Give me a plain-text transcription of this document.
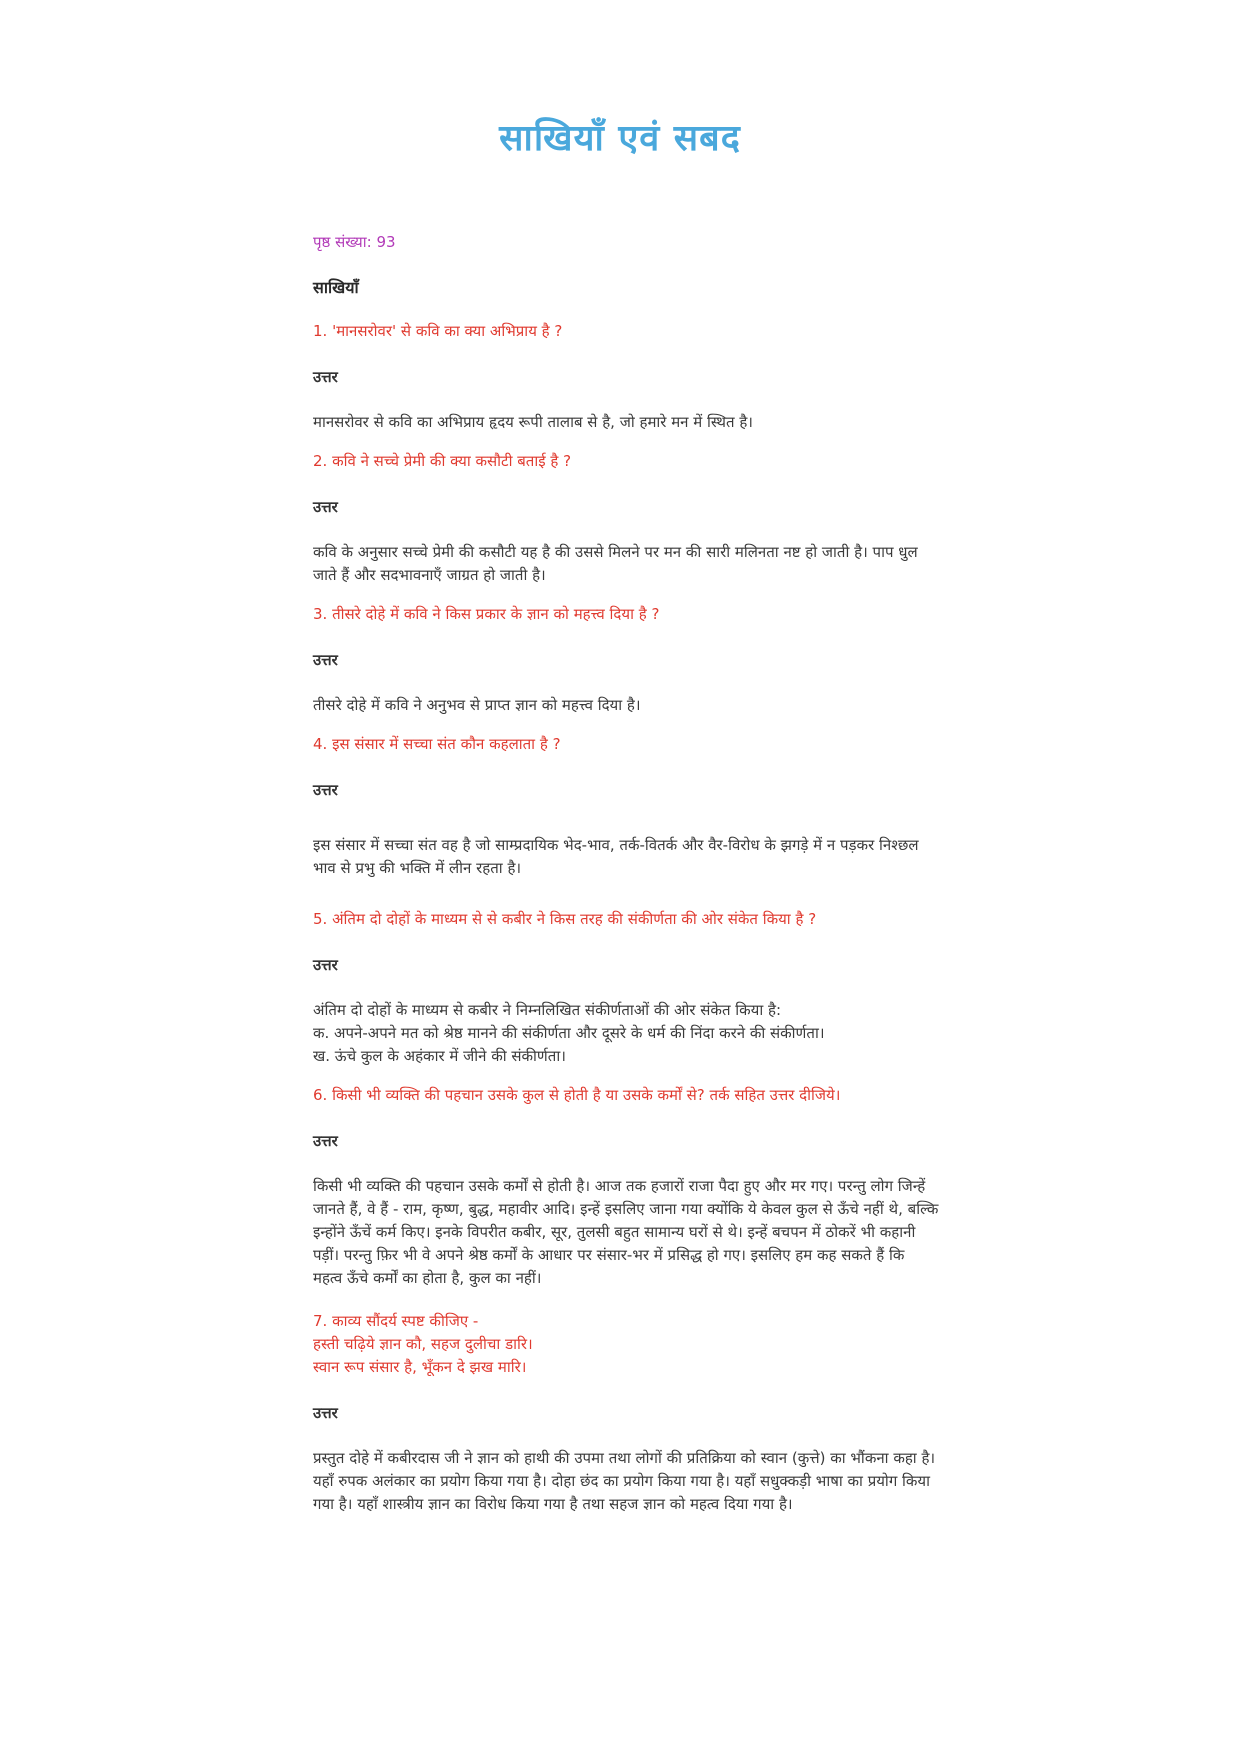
साखियाँ एवं सबद
पृष्ठ संख्या: 93
साखियाँ
1. 'मानसरोवर' से कवि का क्या अभिप्राय है ?
उत्तर
मानसरोवर से कवि का अभिप्राय हृदय रूपी तालाब से है, जो हमारे मन में स्थित है।
2. कवि ने सच्चे प्रेमी की क्या कसौटी बताई है ?
उत्तर
कवि के अनुसार सच्चे प्रेमी की कसौटी यह है की उससे मिलने पर मन की सारी मलिनता नष्ट हो जाती है। पाप धुल
जाते हैं और सदभावनाएँ जाग्रत हो जाती है।
3. तीसरे दोहे में कवि ने किस प्रकार के ज्ञान को महत्त्व दिया है ?
उत्तर
तीसरे दोहे में कवि ने अनुभव से प्राप्त ज्ञान को महत्त्व दिया है।
4. इस संसार में सच्चा संत कौन कहलाता है ?
उत्तर
इस संसार में सच्चा संत वह है जो साम्प्रदायिक भेद-भाव, तर्क-वितर्क और वैर-विरोध के झगड़े में न पड़कर निश्छल
भाव से प्रभु की भक्ति में लीन रहता है।
5. अंतिम दो दोहों के माध्यम से से कबीर ने किस तरह की संकीर्णता की ओर संकेत किया है ?
उत्तर
अंतिम दो दोहों के माध्यम से कबीर ने निम्नलिखित संकीर्णताओं की ओर संकेत किया है:
क. अपने-अपने मत को श्रेष्ठ मानने की संकीर्णता और दूसरे के धर्म की निंदा करने की संकीर्णता।
ख. ऊंचे कुल के अहंकार में जीने की संकीर्णता।
6. किसी भी व्यक्ति की पहचान उसके कुल से होती है या उसके कर्मों से? तर्क सहित उत्तर दीजिये।
उत्तर
किसी भी व्यक्ति की पहचान उसके कर्मों से होती है। आज तक हजारों राजा पैदा हुए और मर गए। परन्तु लोग जिन्हें
जानते हैं, वे हैं - राम, कृष्ण, बुद्ध, महावीर आदि। इन्हें इसलिए जाना गया क्योंकि ये केवल कुल से ऊँचे नहीं थे, बल्कि
इन्होंने ऊँचें कर्म किए। इनके विपरीत कबीर, सूर, तुलसी बहुत सामान्य घरों से थे। इन्हें बचपन में ठोकरें भी कहानी
पड़ीं। परन्तु फ़िर भी वे अपने श्रेष्ठ कर्मों के आधार पर संसार-भर में प्रसिद्ध हो गए। इसलिए हम कह सकते हैं कि
महत्व ऊँचे कर्मों का होता है, कुल का नहीं।
7. काव्य सौंदर्य स्पष्ट कीजिए -
हस्ती चढ़िये ज्ञान कौ, सहज दुलीचा डारि।
स्वान रूप संसार है, भूँकन दे झख मारि।
उत्तर
प्रस्तुत दोहे में कबीरदास जी ने ज्ञान को हाथी की उपमा तथा लोगों की प्रतिक्रिया को स्वान (कुत्ते) का भौंकना कहा है।
यहाँ रुपक अलंकार का प्रयोग किया गया है। दोहा छंद का प्रयोग किया गया है। यहाँ सधुक्कड़ी भाषा का प्रयोग किया
गया है। यहाँ शास्त्रीय ज्ञान का विरोध किया गया है तथा सहज ज्ञान को महत्व दिया गया है।
